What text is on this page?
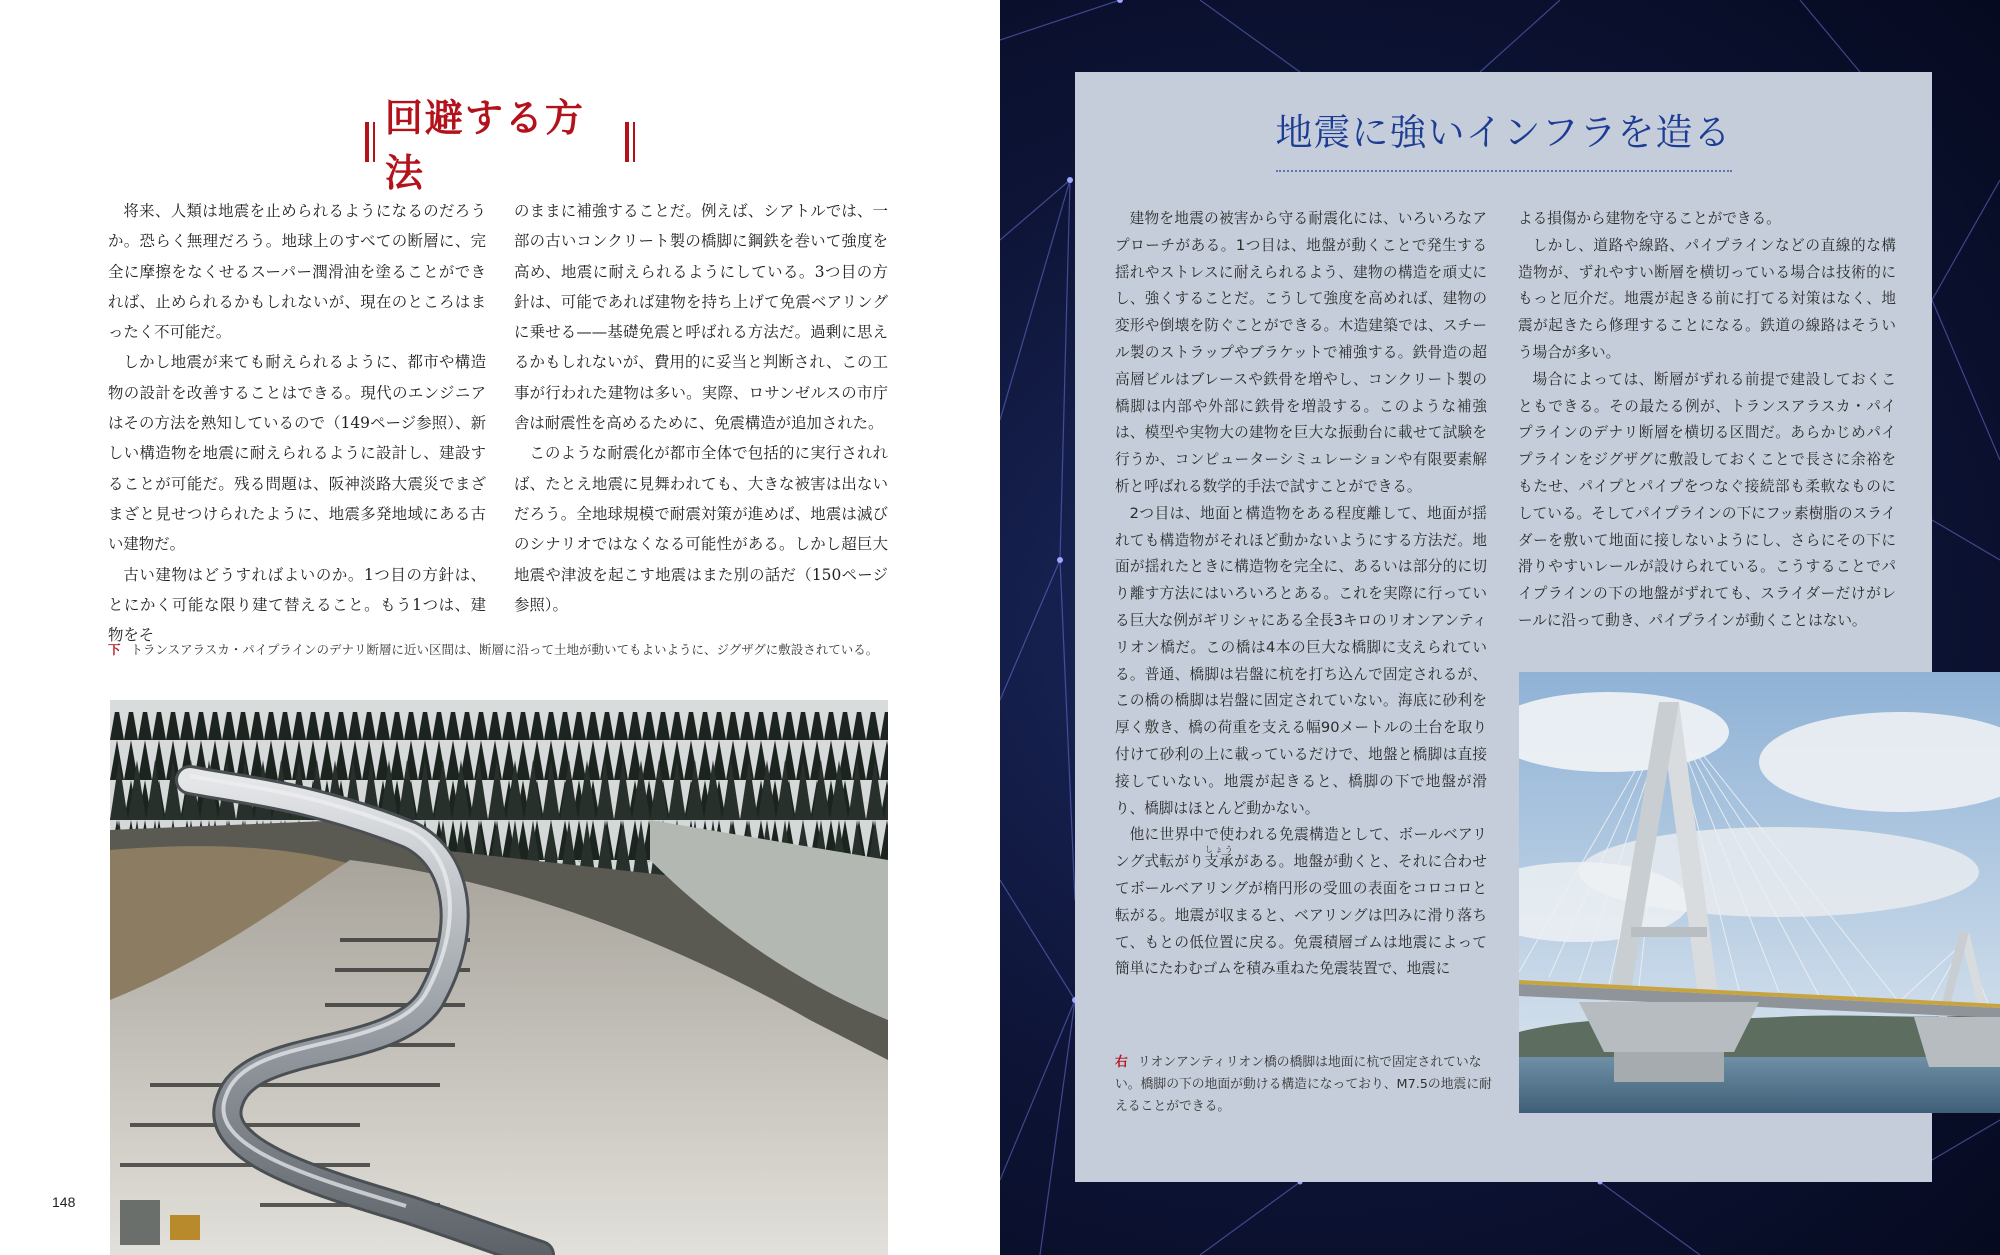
回避する方法

将来、人類は地震を止められるようになるのだろうか。恐らく無理だろう。地球上のすべての断層に、完全に摩擦をなくせるスーパー潤滑油を塗ることができれば、止められるかもしれないが、現在のところはまったく不可能だ。

しかし地震が来ても耐えられるように、都市や構造物の設計を改善することはできる。現代のエンジニアはその方法を熟知しているので（149ページ参照）、新しい構造物を地震に耐えられるように設計し、建設することが可能だ。残る問題は、阪神淡路大震災でまざまざと見せつけられたように、地震多発地域にある古い建物だ。

古い建物はどうすればよいのか。1つ目の方針は、とにかく可能な限り建て替えること。もう1つは、建物をそ

のままに補強することだ。例えば、シアトルでは、一部の古いコンクリート製の橋脚に鋼鉄を巻いて強度を高め、地震に耐えられるようにしている。3つ目の方針は、可能であれば建物を持ち上げて免震ベアリングに乗せる——基礎免震と呼ばれる方法だ。過剰に思えるかもしれないが、費用的に妥当と判断され、この工事が行われた建物は多い。実際、ロサンゼルスの市庁舎は耐震性を高めるために、免震構造が追加された。

このような耐震化が都市全体で包括的に実行されれば、たとえ地震に見舞われても、大きな被害は出ないだろう。全地球規模で耐震対策が進めば、地震は滅びのシナリオではなくなる可能性がある。しかし超巨大地震や津波を起こす地震はまた別の話だ（150ページ参照）。

下 トランスアラスカ・パイプラインのデナリ断層に近い区間は、断層に沿って土地が動いてもよいように、ジグザグに敷設されている。
148
地震に強いインフラを造る

建物を地震の被害から守る耐震化には、いろいろなアプローチがある。1つ目は、地盤が動くことで発生する揺れやストレスに耐えられるよう、建物の構造を頑丈にし、強くすることだ。こうして強度を高めれば、建物の変形や倒壊を防ぐことができる。木造建築では、スチール製のストラップやブラケットで補強する。鉄骨造の超高層ビルはブレースや鉄骨を増やし、コンクリート製の橋脚は内部や外部に鉄骨を増設する。このような補強は、模型や実物大の建物を巨大な振動台に載せて試験を行うか、コンピューターシミュレーションや有限要素解析と呼ばれる数学的手法で試すことができる。

2つ目は、地面と構造物をある程度離して、地面が揺れても構造物がそれほど動かないようにする方法だ。地面が揺れたときに構造物を完全に、あるいは部分的に切り離す方法にはいろいろとある。これを実際に行っている巨大な例がギリシャにある全長3キロのリオンアンティリオン橋だ。この橋は4本の巨大な橋脚に支えられている。普通、橋脚は岩盤に杭を打ち込んで固定されるが、この橋の橋脚は岩盤に固定されていない。海底に砂利を厚く敷き、橋の荷重を支える幅90メートルの土台を取り付けて砂利の上に載っているだけで、地盤と橋脚は直接接していない。地震が起きると、橋脚の下で地盤が滑り、橋脚はほとんど動かない。

他に世界中で使われる免震構造として、ボールベアリング式転がり支承しょうがある。地盤が動くと、それに合わせてボールベアリングが楕円形の受皿の表面をコロコロと転がる。地震が収まると、ベアリングは凹みに滑り落ちて、もとの低位置に戻る。免震積層ゴムは地震によって簡単にたわむゴムを積み重ねた免震装置で、地震に

よる損傷から建物を守ることができる。

しかし、道路や線路、パイプラインなどの直線的な構造物が、ずれやすい断層を横切っている場合は技術的にもっと厄介だ。地震が起きる前に打てる対策はなく、地震が起きたら修理することになる。鉄道の線路はそういう場合が多い。

場合によっては、断層がずれる前提で建設しておくこともできる。その最たる例が、トランスアラスカ・パイプラインのデナリ断層を横切る区間だ。あらかじめパイプラインをジグザグに敷設しておくことで長さに余裕をもたせ、パイプとパイプをつなぐ接続部も柔軟なものにしている。そしてパイプラインの下にフッ素樹脂のスライダーを敷いて地面に接しないようにし、さらにその下に滑りやすいレールが設けられている。こうすることでパイプラインの下の地盤がずれても、スライダーだけがレールに沿って動き、パイプラインが動くことはない。

右 リオンアンティリオン橋の橋脚は地面に杭で固定されていない。橋脚の下の地面が動ける構造になっており、M7.5の地震に耐えることができる。
